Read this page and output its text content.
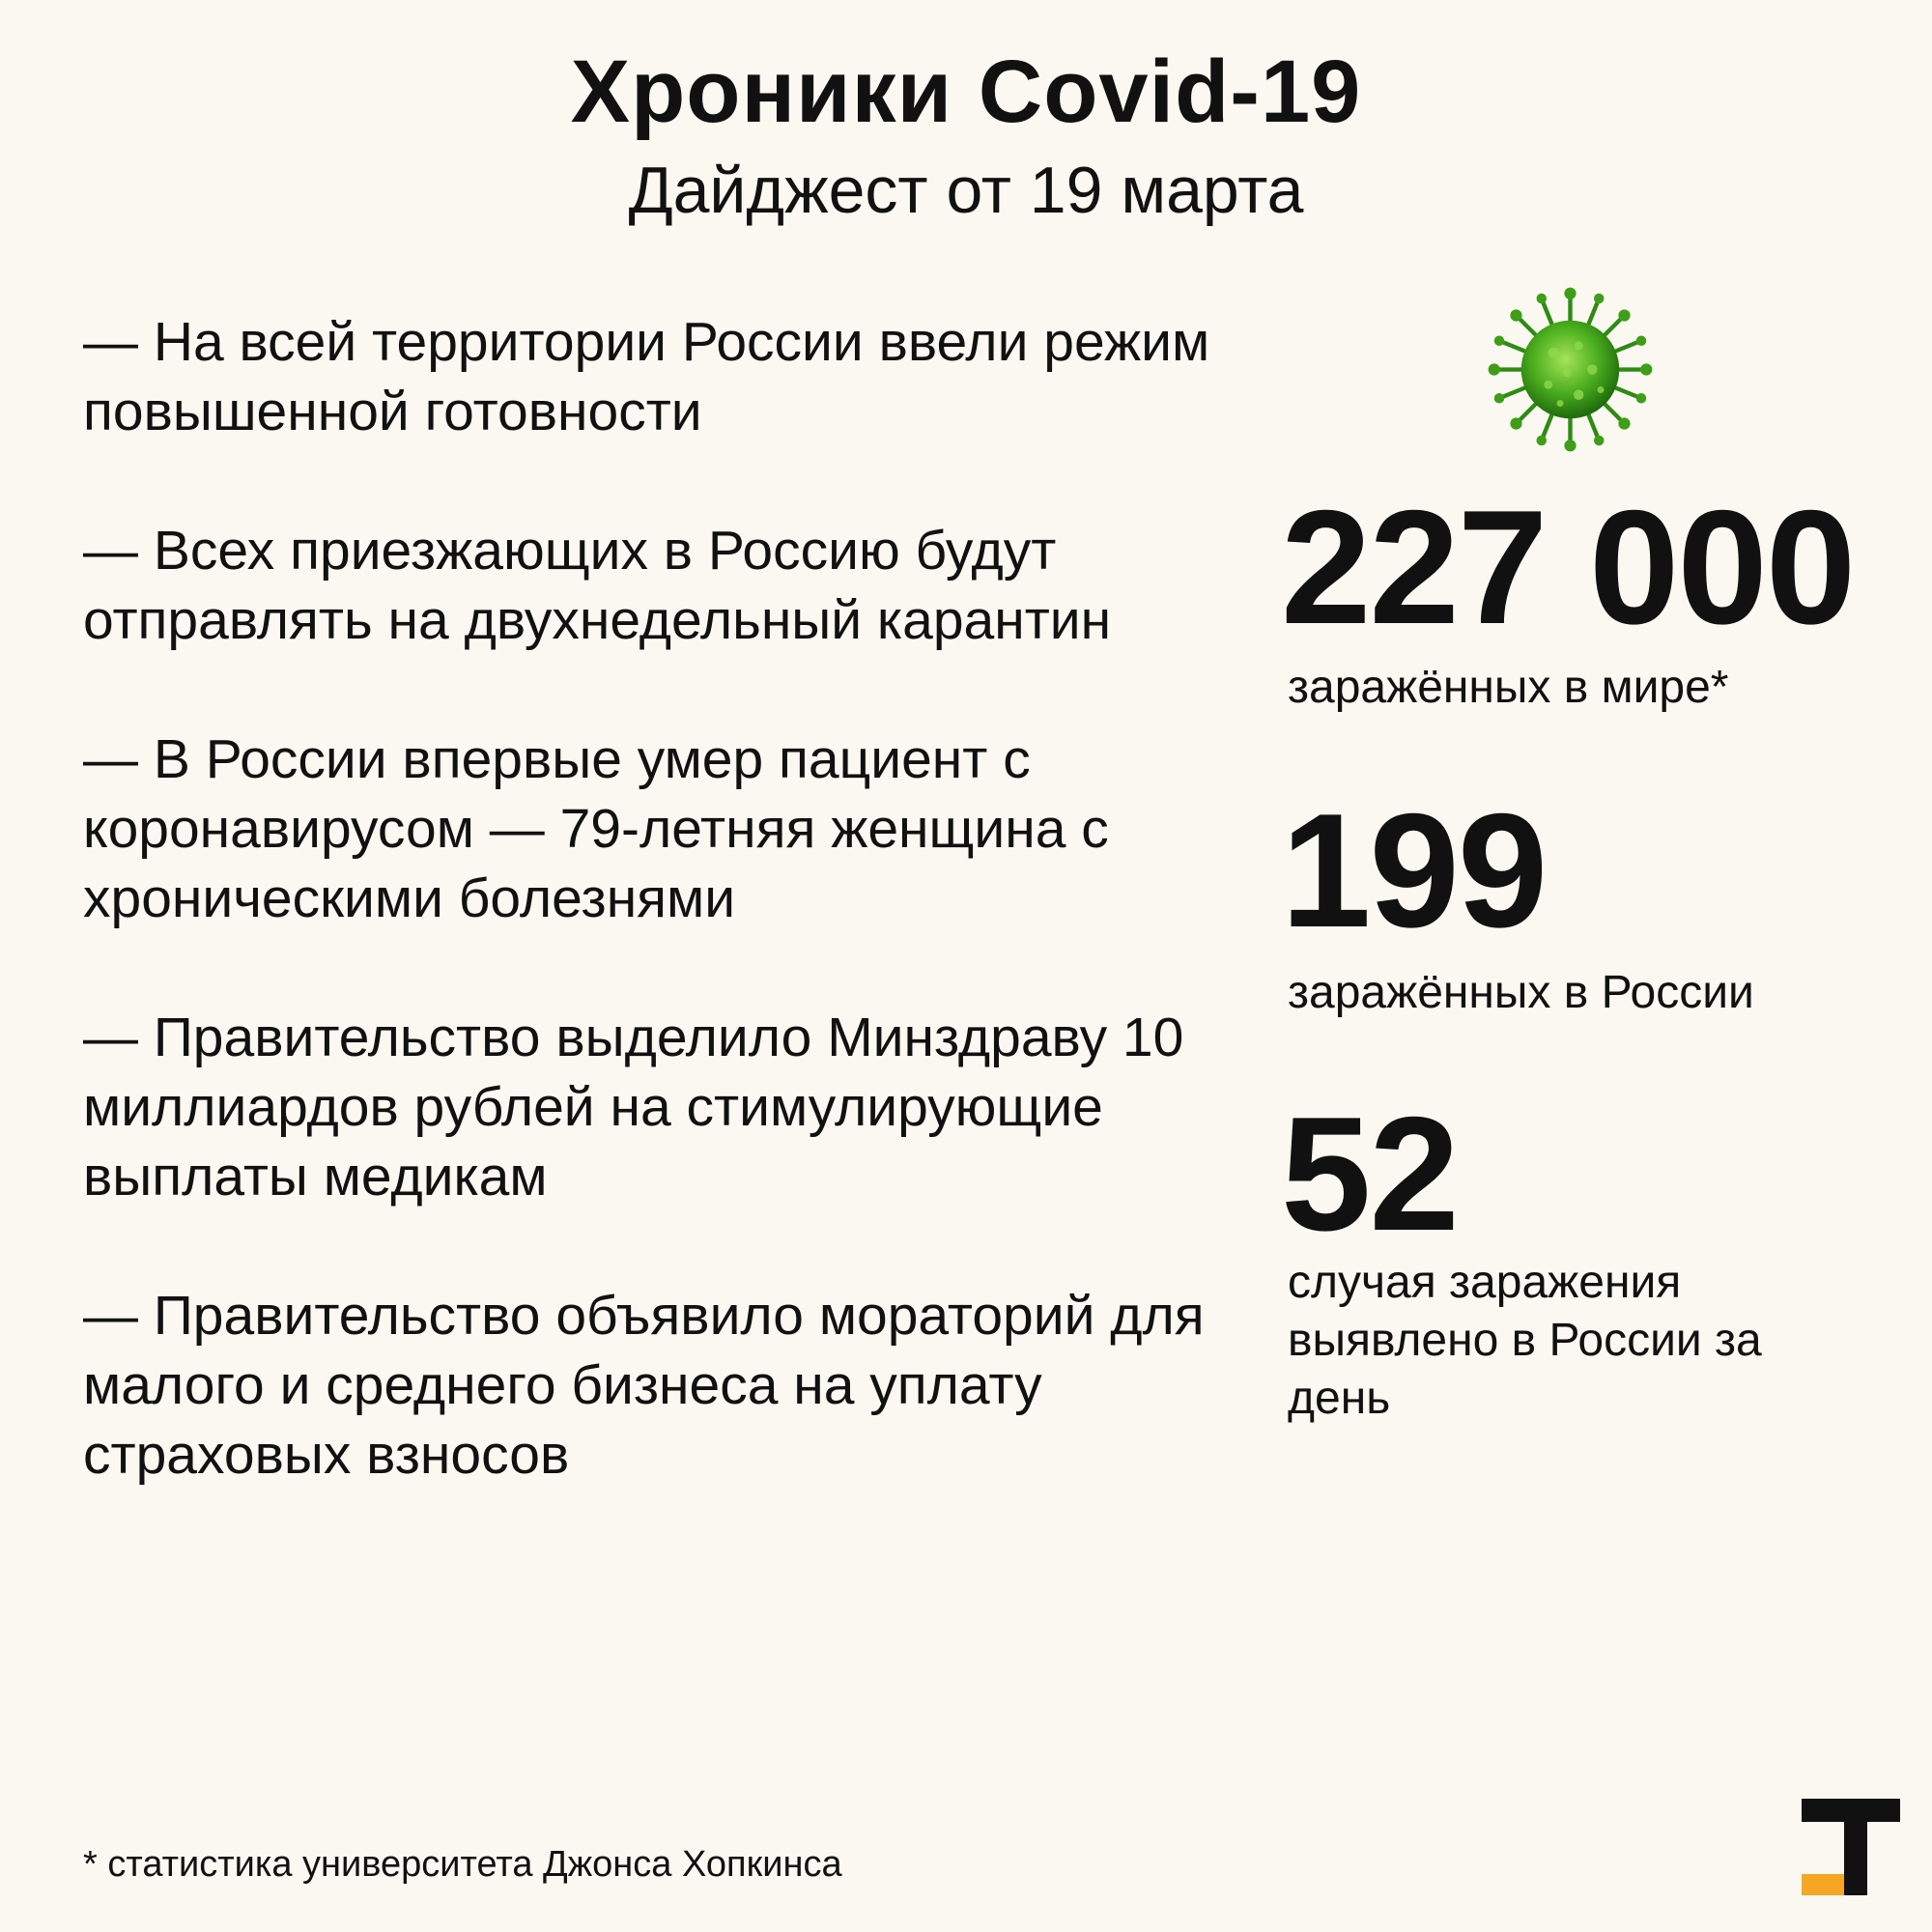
Хроники Covid-19
Дайджест от 19 марта
— На всей территории России ввели режим повышенной готовности
— Всех приезжающих в Россию будут отправлять на двухнедельный карантин
— В России впервые умер пациент с коронавирусом — 79-летняя женщина с хроническими болезнями
— Правительство выделило Минздраву 10 миллиардов рублей на стимулирующие выплаты медикам
— Правительство объявило мораторий для малого и среднего бизнеса на уплату страховых взносов
227 000
заражённых в мире*
199
заражённых в России
52
случая заражения выявлено в России за день
* статистика университета Джонса Хопкинса
